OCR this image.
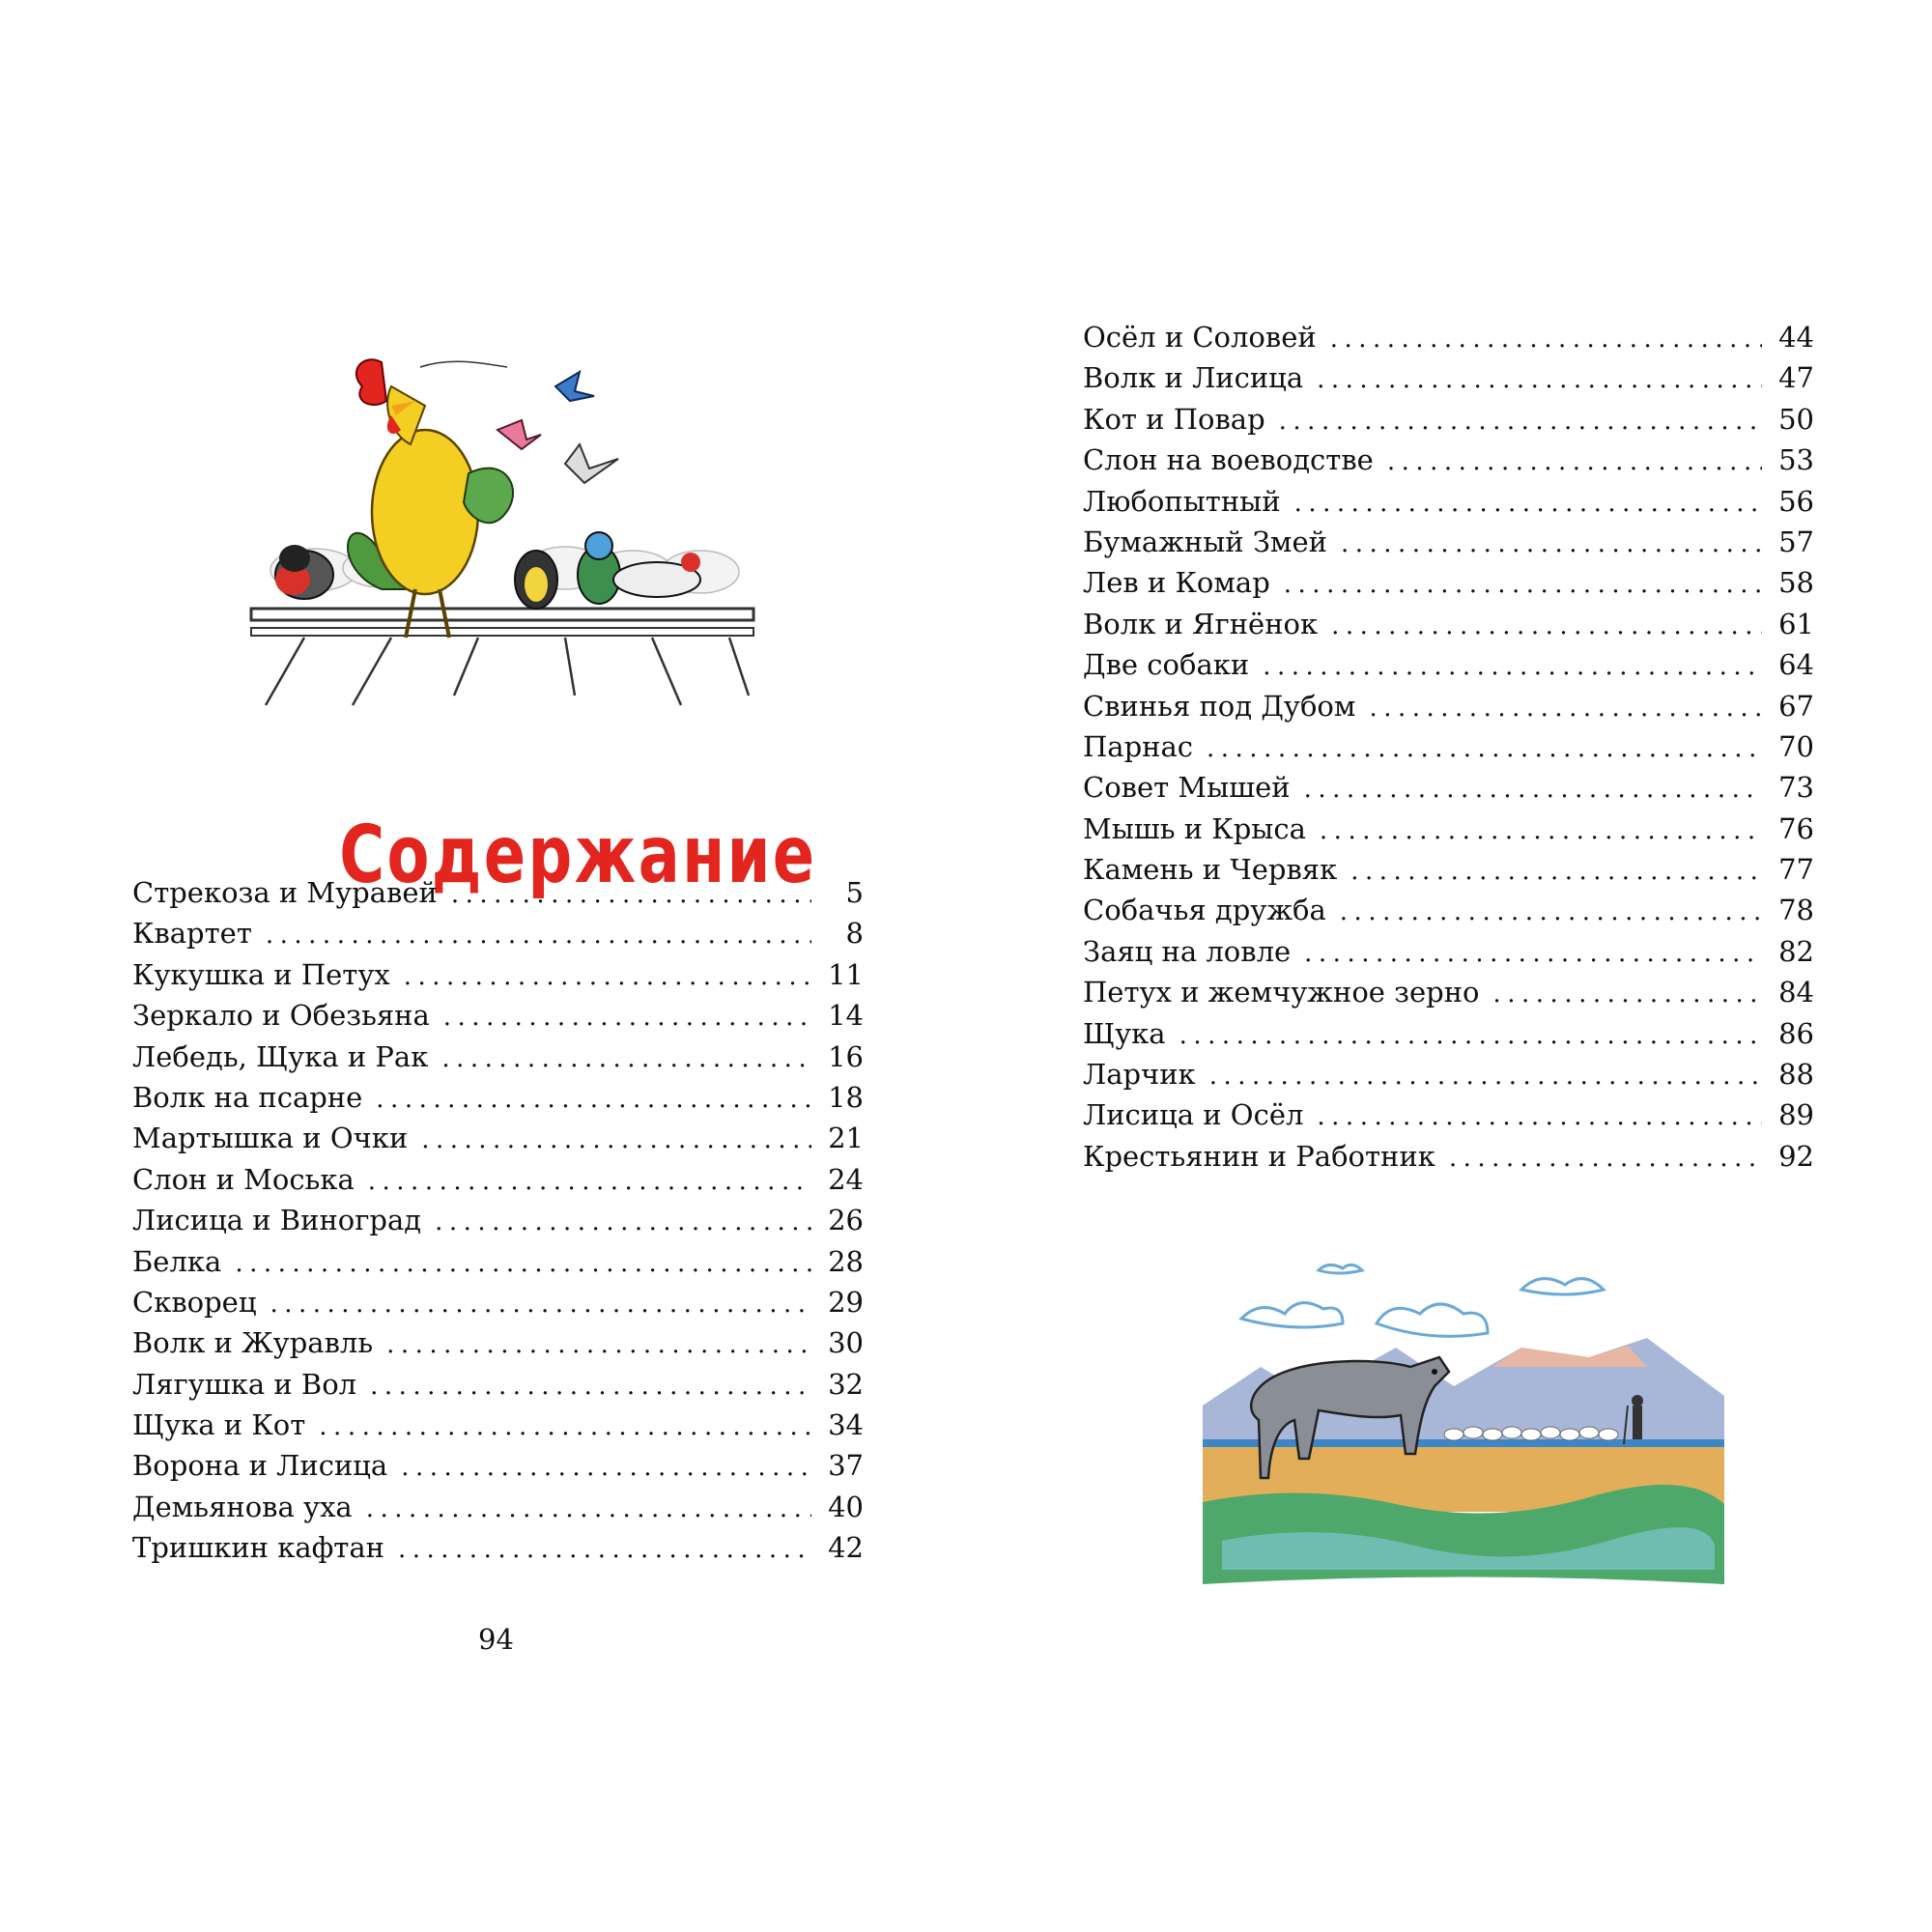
Содержание
Стрекоза и Муравей .....	5
Квартет .....	8
Кукушка и Петух .....	11
Зеркало и Обезьяна .....	14
Лебедь, Щука и Рак .....	16
Волк на псарне .....	18
Мартышка и Очки .....	21
Слон и Моська .....	24
Лисица и Виноград .....	26
Белка .....	28
Скворец .....	29
Волк и Журавль .....	30
Лягушка и Вол .....	32
Щука и Кот .....	34
Ворона и Лисица .....	37
Демьянова уха .....	40
Тришкин кафтан .....	42
94
Осёл и Соловей .....	44
Волк и Лисица .....	47
Кот и Повар .....	50
Слон на воеводстве .....	53
Любопытный .....	56
Бумажный Змей .....	57
Лев и Комар .....	58
Волк и Ягнёнок .....	61
Две собаки .....	64
Свинья под Дубом .....	67
Парнас .....	70
Совет Мышей .....	73
Мышь и Крыса .....	76
Камень и Червяк .....	77
Собачья дружба .....	78
Заяц на ловле .....	82
Петух и жемчужное зерно .....	84
Щука .....	86
Ларчик .....	88
Лисица и Осёл .....	89
Крестьянин и Работник .....	92
